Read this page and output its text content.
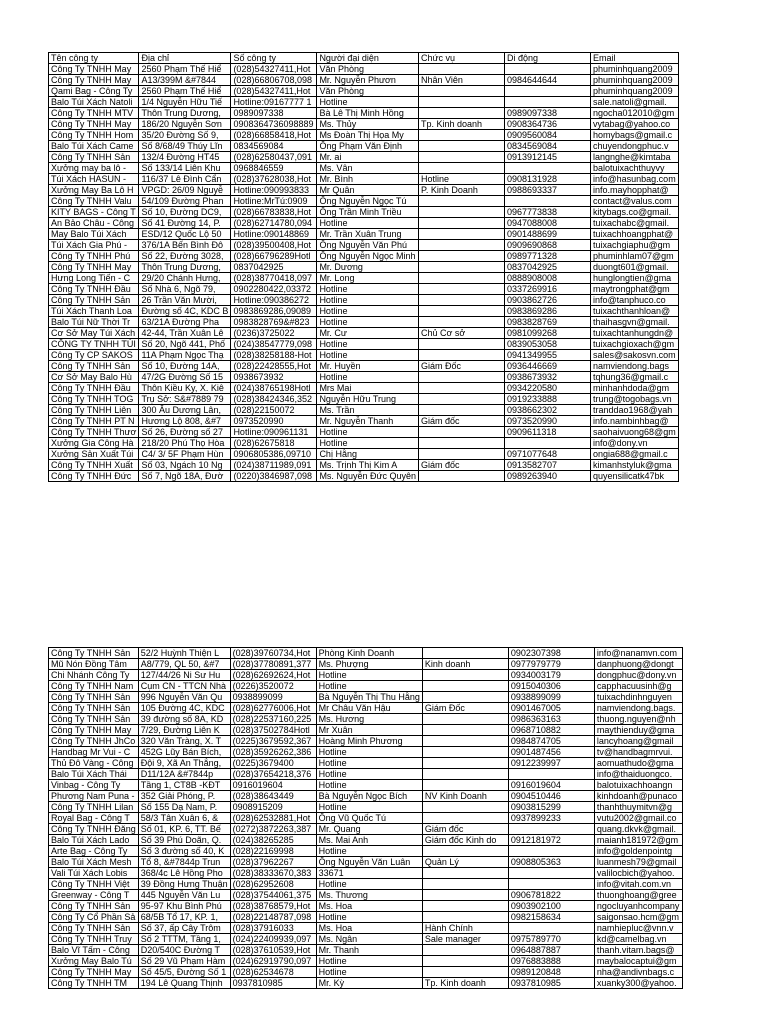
Tên công ty	Địa chỉ	Số công ty	Người đại diện	Chức vụ	Di động	Email
Công Ty TNHH May	2560 Phạm Thế Hiể	(028)54327411,Hot	Văn Phòng			phuminhquang2009
Công Ty TNHH May	A13/399M &#7844	(028)66806708,098	Mr. Nguyễn Phươn	Nhân Viên	0984644644	phuminhquang2009
Qami Bag - Công Ty	2560 Phạm Thế Hiể	(028)54327411,Hot	Văn Phòng			phuminhquang2009
Balo Túi Xách Natoli	1/4 Nguyễn Hữu Tiế	Hotline:09167777 1	Hotline			sale.natoli@gmail.
Công Ty TNHH MTV	Thôn Trung Dương,	0989097338	Bà Lê Thị Minh Hồng		0989097338	ngocha012010@gm
Công Ty TNHH May	186/20 Nguyễn Sơn	0908364736098889	Ms. Thủy	Tp. Kinh doanh	0908364736	vytabag@yahoo.co
Công Ty TNHH Hom	35/20 Đường Số 9,	(028)66858418,Hot	Ms Đoàn Thị Họa My		0909560084	homybags@gmail.c
Balo Túi Xách Came	Số 8/68/49 Thúy Lĩn	0834569084	Ông Phạm Văn Định		0834569084	chuyendongphuc.v
Công Ty TNHH Sản	132/4 Đường HT45	(028)62580437,091	Mr. ai		0913912145	langnghe@kimtaba
Xưởng may ba lô -	Số 133/14 Liên Khu	0968846559	Ms. Vân			balotuixachthuyvy
Túi Xách HASUN -	116/37 Lê Đình Cẩn	(028)37628038,Hot	Mr. Bình	Hotline	0908131928	info@hasunbag.com
Xưởng May Ba Lô H	VPGD: 26/09 Nguyễ	Hotline:090993833	Mr Quân	P. Kinh Doanh	0988693337	info.mayhopphat@
Công Ty TNHH Valu	54/109 Đường Phan	Hotline:MrTú:0909	Ông Nguyễn Ngọc Tú			contact@valus.com
KITY BAGS - Công T	Số 10, Đường DC9,	(028)66783838,Hot	Ông Trần Minh Triều		0967773838	kitybags.co@gmail.
An Bảo Châu - Công	Số 41 Đường 14, P.	(028)62714780,094	Hotline		0947088008	tuixachabc@gmail.
May Balo Túi Xách	ESD/12 Quốc Lộ 50	Hotline:090148869	Mr. Trần Xuân Trung		0901488699	tuixachhoangphat@
Túi Xách Gia Phú -	376/1A Bến Bình Đô	(028)39500408,Hot	Ông Nguyễn Văn Phú		0909690868	tuixachgiaphu@gm
Công Ty TNHH Phú	Số 22, Đường 3028,	(028)66796289Hotl	Ông Nguyễn Ngọc Minh		0989771328	phuminhlam07@gm
Công Ty TNHH May	Thôn Trung Dương,	0837042925	Mr. Dương		0837042925	duongt601@gmail.
Hưng Long Tiến - C	29/20 Chánh Hưng,	(028)38770418,097	Mr. Long		0888908008	hunglongtien@gma
Công Ty TNHH Đầu	Số Nhà 6, Ngõ 79,	0902280422,03372	Hotline		0337269916	maytrongphat@gm
Công Ty TNHH Sản	26 Trần Văn Mười,	Hotline:090386272	Hotline		0903862726	info@tanphuco.co
Túi Xách Thanh Loa	Đường số 4C, KDC B	0983869286,09089	Hotline		0983869286	tuixachthanhloan@
Balo Túi Nữ Thời Tr	63/21A Đường Pha	0983828769&#823	Hotline		0983828769	thaihasgvn@gmail.
Cơ Sở May Túi Xách	42-44, Trần Xuân Lê	(0236)3725022	Mr. Cư	Chủ Cơ sở	0981099268	tuixachtanhungdn@
CÔNG TY TNHH TÚI	Số 20, Ngõ 441, Phố	(024)38547779,098	Hotline		0839053058	tuixachgioxach@gm
Công Ty CP SAKOS	11A Phạm Ngọc Thạ	(028)38258188-Hot	Hotline		0941349955	sales@sakosvn.com
Công Ty TNHH Sản	Số 10, Đường 14A,	(028)22428555,Hot	Mr. Huyền	Giám Đốc	0936446669	namviendong.bags
Cơ Sở May Balo Hù	47/2G Đường Số 15	0938673932	Hotline		0938673932	tqhung36@gmail.c
Công Ty TNHH Đầu	Thôn Kiều Ky, X. Kiê	(024)38765198Hotl	Mrs Mai		0934220580	minhanhdoda@gm
Công Ty TNHH TOG	Trụ Sở: S&#7889 79	(028)38424346,352	Nguyễn Hữu Trung		0919233888	trung@togobags.vn
Công Ty TNHH Liên	300 Âu Dương Lân,	(028)22150072	Ms. Trần		0938662302	tranddao1968@yah
Công Ty TNHH PT N	Hương Lộ 808, &#7	0973520990	Mr. Nguyễn Thanh	Giám đốc	0973520990	info.nambinhbag@
Công Ty TNHH Thươ	Số 26, Đường số 27	Hotline:090961131	Hotline		0909611318	saohaivuong68@gm
Xưởng Gia Công Hà	218/20 Phú Thọ Hòa	(028)62675818	Hotline			info@dony.vn
Xưởng Sản Xuất Túi	C4/ 3/ 5F Phạm Hùn	0906805386,09710	Chị Hằng		0971077648	ongia688@gmail.c
Công Ty TNHH Xuất	Số 03, Ngách 10 Ng	(024)38711989,091	Ms. Trịnh Thị Kim A	Giám đốc	0913582707	kimanhstyluk@gma
Công Ty TNHH Đức	Số 7, Ngõ 18A, Đườ	(0220)3846987,098	Ms. Nguyễn Đức Quyên		0989263940	quyensilicatk47bk
Công Ty TNHH Sản	52/2 Huỳnh Thiện L	(028)39760734,Hot	Phòng Kinh Doanh		0902307398	info@nanamvn.com
Mũ Nón Đồng Tâm	A8/779, QL 50, &#7	(028)37780891,377	Ms. Phượng	Kinh doanh	0977979779	danphuong@dongt
Chi Nhánh Công Ty	127/44/26 Ni Sư Hu	(028)62692624,Hot	Hotline		0934003179	dongphuc@dony.vn
Công Ty TNHH Nam	Cụm CN - TTCN Nhà	(0226)3520072	Hotline		0915040306	capphacuusinh@g
Công Ty TNHH Sản	996 Nguyễn Văn Qu	0938899099	Bà Nguyễn Thị Thu Hằng		0938899099	tuixachdinhnguyen
Công Ty TNHH Sản	105 Đường 4C, KDC	(028)62776006,Hot	Mr Châu Văn Hậu	Giám Đốc	0901467005	namviendong.bags.
Công Ty TNHH Sản	39 đường số 8A, KD	(028)22537160,225	Ms. Hương		0986363163	thuong.nguyen@nh
Công Ty TNHH May	7/29, Đường Liên K	(028)37502784Hotl	Mr Xuân		0968710882	maythienduy@gma
Công Ty TNHH JhCo	320 Văn Tràng, X. T	(0225)3679592,367	Hoàng Minh Phương		0984874705	lancyhoang@gmail
Handbag Mr Vui - C	452G Lũy Bán Bích,	(028)35926262,386	Hotline		0901487456	tv@handbagmrvui.
Thủ Đô Vàng - Công	Đội 9, Xã An Thắng,	(0225)3679400	Hotline		0912239997	aomuathudo@gma
Balo Túi Xách Thái	D11/12A &#7844p	(028)37654218,376	Hotline			info@thaiduongco.
Vinbag - Công Ty	Tầng 1, CT8B -KĐT	0916019604	Hotline		0916019604	balotuixachhoangn
Phương Nam Puna -	352 Giải Phóng, P.	(028)38643449	Bà Nguyễn Ngọc Bích	NV Kinh Doanh	0904510446	kinhdoanh@punaco
Công Ty TNHH Lilan	Số 155 Dạ Nam, P.	0908915209	Hotline		0903815299	thanhthuymitvn@g
Royal Bag - Công T	58/3 Tân Xuân 6, &	(028)62532881,Hot	Ông Vũ Quốc Tú		0937899233	vutu2002@gmail.co
Công Ty TNHH Đăng	Số 01, KP. 6, TT. Bế	(0272)3872263,387	Mr. Quang	Giám đốc		quang.dkvk@gmail.
Balo Túi Xách Lado	Số 39 Phú Doãn, Q.	(024)38265285	Ms. Mai Anh	Giám đốc Kinh do	0912181972	maianh181972@gm
Arte Bag - Công Ty	Số 3 đường số 40, K	(028)22169998	Hotline			info@goldenpointg
Balo Túi Xách Mesh	Tổ 8, &#7844p Trun	(028)37962267	Ông Nguyễn Văn Luân	Quản Lý	0908805363	luanmesh79@gmail
Vali Túi Xách Lobis	368/4c Lê Hồng Pho	(028)38333670,383	33671			valilocbich@yahoo.
Công Ty TNHH Việt	39 Đồng Hưng Thuận	(028)62952608	Hotline			info@vitah.com.vn
Greenway - Công T	445 Nguyễn Văn Lu	(028)37544061,375	Ms. Thương		0906781822	thuonghoang@gree
Công Ty TNHH Sản	95-97 Khu Bình Phú	(028)38768579,Hot	Ms. Hoa		0903902100	ngocluyanhcompany
Công Ty Cổ Phần Sả	68/5B Tổ 17, KP. 1,	(028)22148787,098	Hotline		0982158634	saigonsao.hcm@gm
Công Ty TNHH Sản	Số 37, ấp Cây Trôm	(028)37916033	Ms. Hoa	Hành Chính		namhiepluc@vnn.v
Công Ty TNHH Truy	Số 2 TTTM, Tầng 1,	(024)22409939,097	Ms. Ngân	Sale manager	0975789770	kd@camelbag.vn
Balo Vĩ Tấm - Công	D20/540C Đường T	(028)37610539,Hot	Mr. Thanh		0964887887	thanh.vitam.bags@
Xưởng May Balo Tú	Số 29 Vũ Phạm Hàm	(024)62919790,097	Hotline		0976883888	maybalocaptui@gm
Công Ty TNHH May	Số 45/5, Đường Số 1	(028)62534678	Hotline		0989120848	nha@andivnbags.c
Công Ty TNHH TM	194 Lê Quang Thịnh	0937810985	Mr. Kỳ	Tp. Kinh doanh	0937810985	xuanky300@yahoo.
